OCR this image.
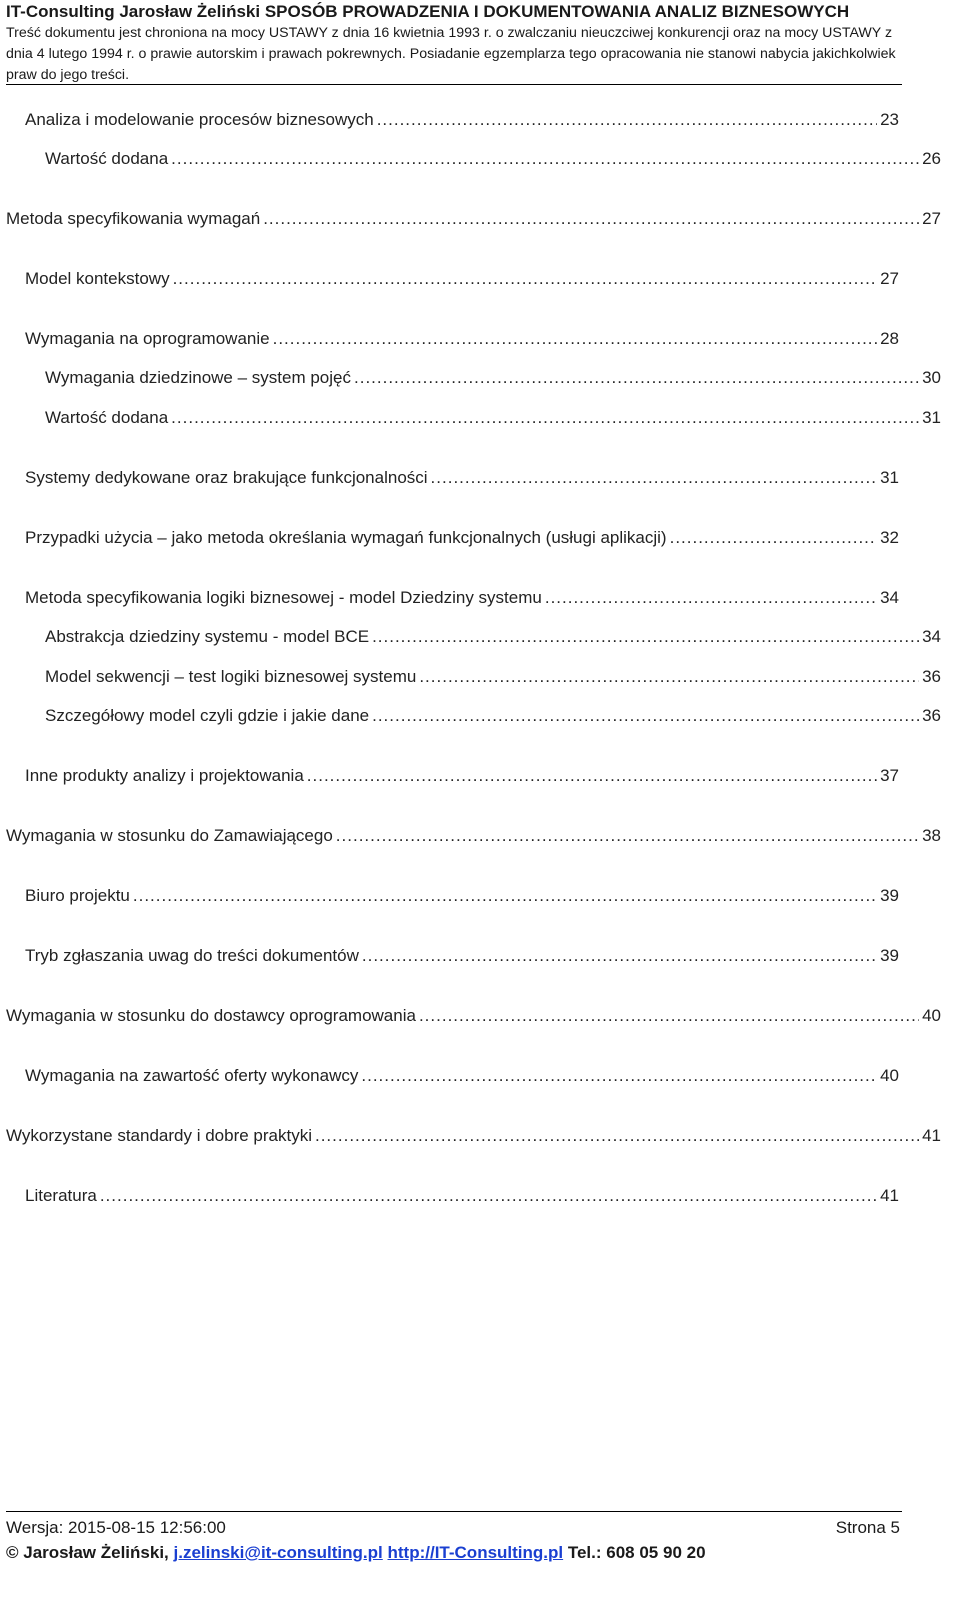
IT-Consulting Jarosław Żeliński SPOSÓB PROWADZENIA I DOKUMENTOWANIA ANALIZ BIZNESOWYCH
Treść dokumentu jest chroniona na mocy USTAWY z dnia 16 kwietnia 1993 r. o zwalczaniu nieuczciwej konkurencji oraz na mocy USTAWY z dnia 4 lutego 1994 r. o prawie autorskim i prawach pokrewnych. Posiadanie egzemplarza tego opracowania nie stanowi nabycia jakichkolwiek praw do jego treści.
Analiza i modelowanie procesów biznesowych .....	23
Wartość dodana .....	26
Metoda specyfikowania wymagań .....	27
Model kontekstowy .....	27
Wymagania na oprogramowanie .....	28
Wymagania dziedzinowe – system pojęć .....	30
Wartość dodana .....	31
Systemy dedykowane oraz brakujące funkcjonalności .....	31
Przypadki użycia – jako metoda określania wymagań funkcjonalnych (usługi aplikacji) .....	32
Metoda specyfikowania logiki biznesowej - model Dziedziny systemu .....	34
Abstrakcja dziedziny systemu - model BCE .....	34
Model sekwencji – test logiki biznesowej systemu .....	36
Szczegółowy model czyli gdzie i jakie dane .....	36
Inne produkty analizy i projektowania .....	37
Wymagania w stosunku do Zamawiającego .....	38
Biuro projektu .....	39
Tryb zgłaszania uwag do treści dokumentów .....	39
Wymagania w stosunku do dostawcy oprogramowania .....	40
Wymagania na zawartość oferty wykonawcy .....	40
Wykorzystane standardy i dobre praktyki .....	41
Literatura .....	41
Wersja: 2015-08-15 12:56:00	Strona 5
© Jarosław Żeliński, j.zelinski@it-consulting.pl http://IT-Consulting.pl Tel.: 608 05 90 20
